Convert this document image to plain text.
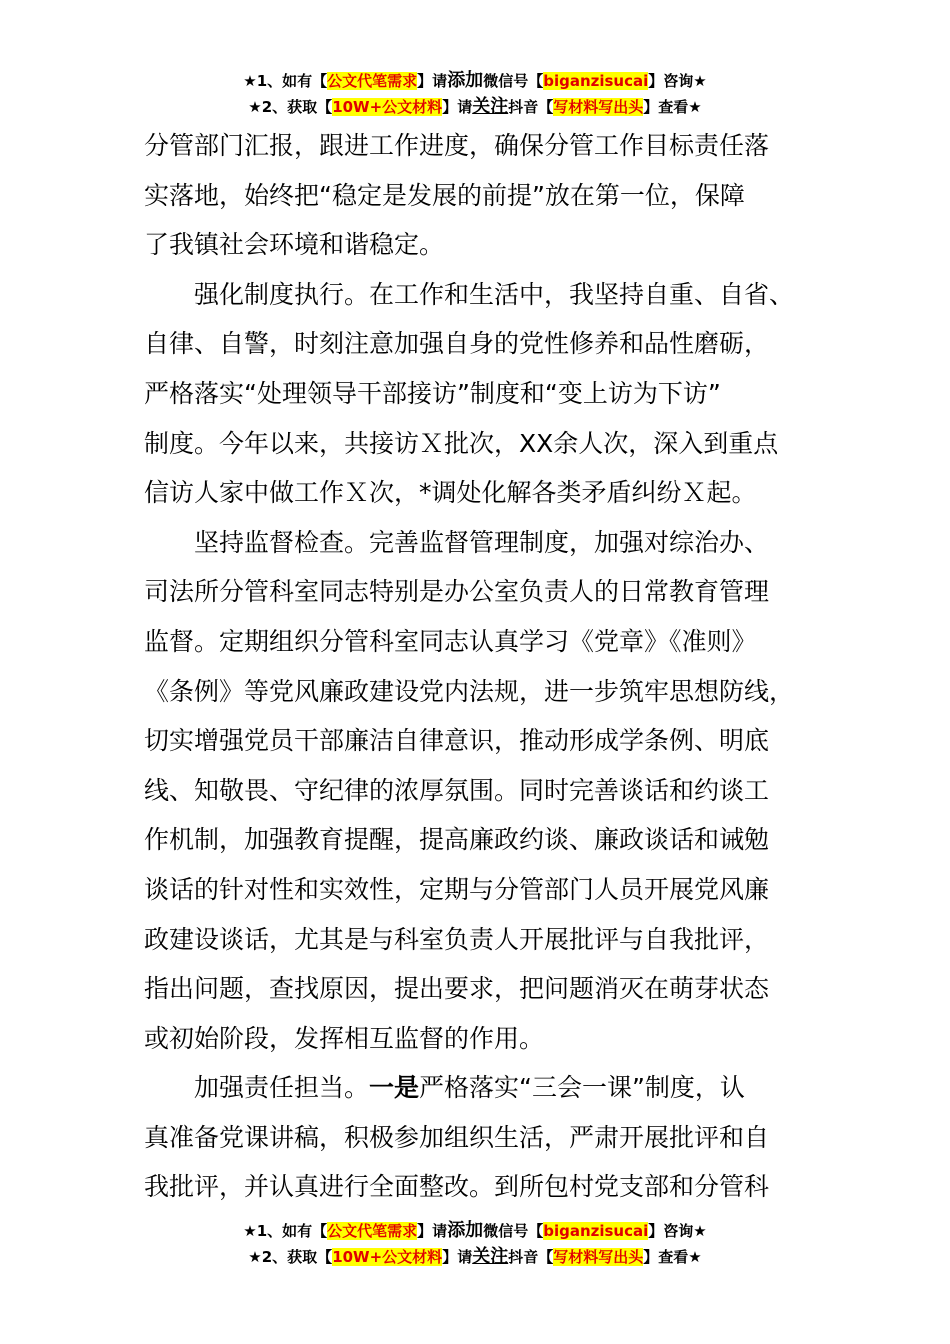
★1、如有【公文代笔需求】请添加微信号【biganzisucai】咨询★
★2、获取【10W+公文材料】请关注抖音【写材料写出头】查看★

分管部门汇报，跟进工作进度，确保分管工作目标责任落

实落地，始终把“稳定是发展的前提”放在第一位，保障

了我镇社会环境和谐稳定。

强化制度执行。在工作和生活中，我坚持自重、自省、

自律、自警，时刻注意加强自身的党性修养和品性磨砺，

严格落实“处理领导干部接访”制度和“变上访为下访”

制度。今年以来，共接访Ｘ批次，XX余人次，深入到重点

信访人家中做工作Ｘ次，*调处化解各类矛盾纠纷Ｘ起。

坚持监督检查。完善监督管理制度，加强对综治办、

司法所分管科室同志特别是办公室负责人的日常教育管理

监督。定期组织分管科室同志认真学习《党章》《准则》

《条例》等党风廉政建设党内法规，进一步筑牢思想防线，

切实增强党员干部廉洁自律意识，推动形成学条例、明底

线、知敬畏、守纪律的浓厚氛围。同时完善谈话和约谈工

作机制，加强教育提醒，提高廉政约谈、廉政谈话和诫勉

谈话的针对性和实效性，定期与分管部门人员开展党风廉

政建设谈话，尤其是与科室负责人开展批评与自我批评，

指出问题，查找原因，提出要求，把问题消灭在萌芽状态

或初始阶段，发挥相互监督的作用。

加强责任担当。一是严格落实“三会一课”制度，认

真准备党课讲稿，积极参加组织生活，严肃开展批评和自

我批评，并认真进行全面整改。到所包村党支部和分管科

★1、如有【公文代笔需求】请添加微信号【biganzisucai】咨询★
★2、获取【10W+公文材料】请关注抖音【写材料写出头】查看★
